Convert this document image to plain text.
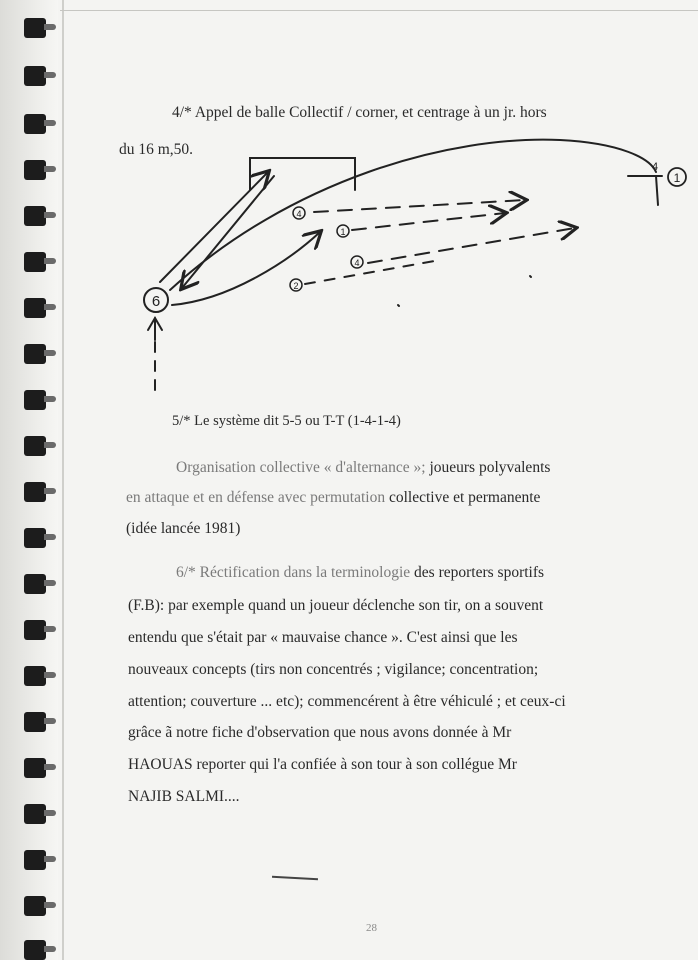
4/* Appel de balle Collectif / corner, et centrage à un jr. hors
du 16 m,50.
1
6
4
1
4
2
4
5/* Le système dit 5-5 ou T-T (1-4-1-4)
Organisation collective « d'alternance »; joueurs polyvalents
en attaque et en défense avec permutation collective et permanente
(idée lancée 1981)
6/* Réctification dans la terminologie des reporters sportifs
(F.B): par exemple quand un joueur déclenche son tir, on a souvent
entendu que s'était par « mauvaise chance ». C'est ainsi que les
nouveaux concepts (tirs non concentrés ; vigilance; concentration;
attention; couverture ... etc); commencérent à être véhiculé ; et ceux-ci
grâce ã notre fiche d'observation que nous avons donnée à Mr
HAOUAS reporter qui l'a confiée à son tour à son collégue Mr
NAJIB SALMI....
28
